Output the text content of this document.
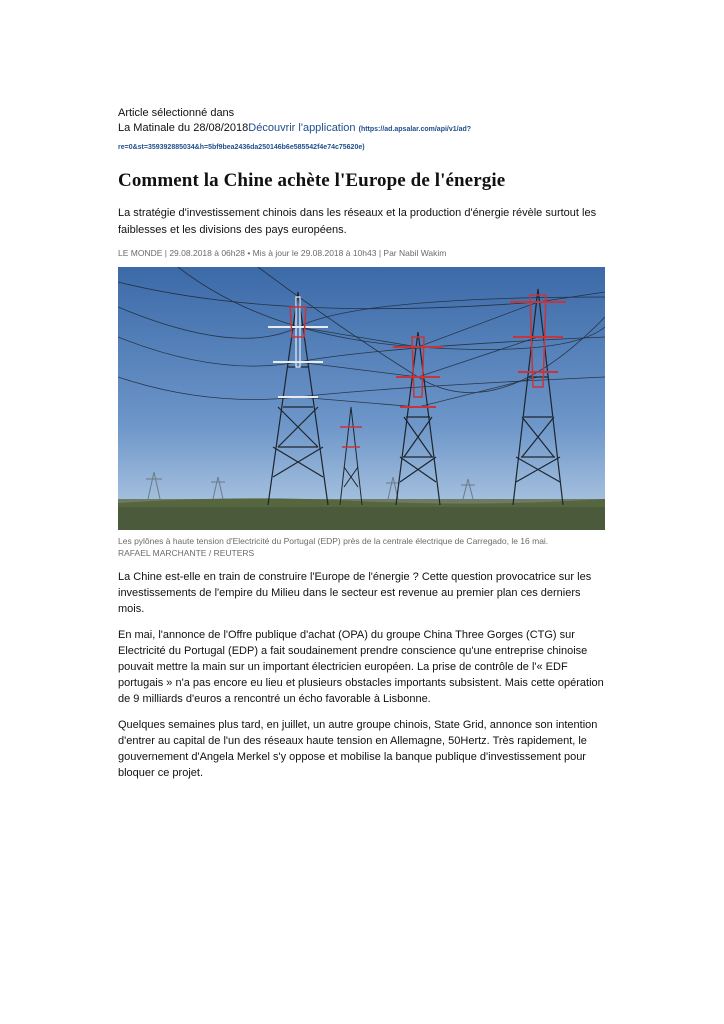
Article sélectionné dans
La Matinale du 28/08/2018Découvrir l'application (https://ad.apsalar.com/api/v1/ad?
re=0&st=359392885034&h=5bf9bea2436da250146b6e585542f4e74c75620e)
Comment la Chine achète l'Europe de l'énergie
La stratégie d'investissement chinois dans les réseaux et la production d'énergie révèle surtout les faiblesses et les divisions des pays européens.
LE MONDE | 29.08.2018 à 06h28 • Mis à jour le 29.08.2018 à 10h43 | Par Nabil Wakim
Les pylônes à haute tension d'Electricité du Portugal (EDP) près de la centrale électrique de Carregado, le 16 mai.
RAFAEL MARCHANTE / REUTERS
La Chine est-elle en train de construire l'Europe de l'énergie ? Cette question provocatrice sur les investissements de l'empire du Milieu dans le secteur est revenue au premier plan ces derniers mois.
En mai, l'annonce de l'Offre publique d'achat (OPA) du groupe China Three Gorges (CTG) sur Electricité du Portugal (EDP) a fait soudainement prendre conscience qu'une entreprise chinoise pouvait mettre la main sur un important électricien européen. La prise de contrôle de l'« EDF portugais » n'a pas encore eu lieu et plusieurs obstacles importants subsistent. Mais cette opération de 9 milliards d'euros a rencontré un écho favorable à Lisbonne.
Quelques semaines plus tard, en juillet, un autre groupe chinois, State Grid, annonce son intention d'entrer au capital de l'un des réseaux haute tension en Allemagne, 50Hertz. Très rapidement, le gouvernement d'Angela Merkel s'y oppose et mobilise la banque publique d'investissement pour bloquer ce projet.
